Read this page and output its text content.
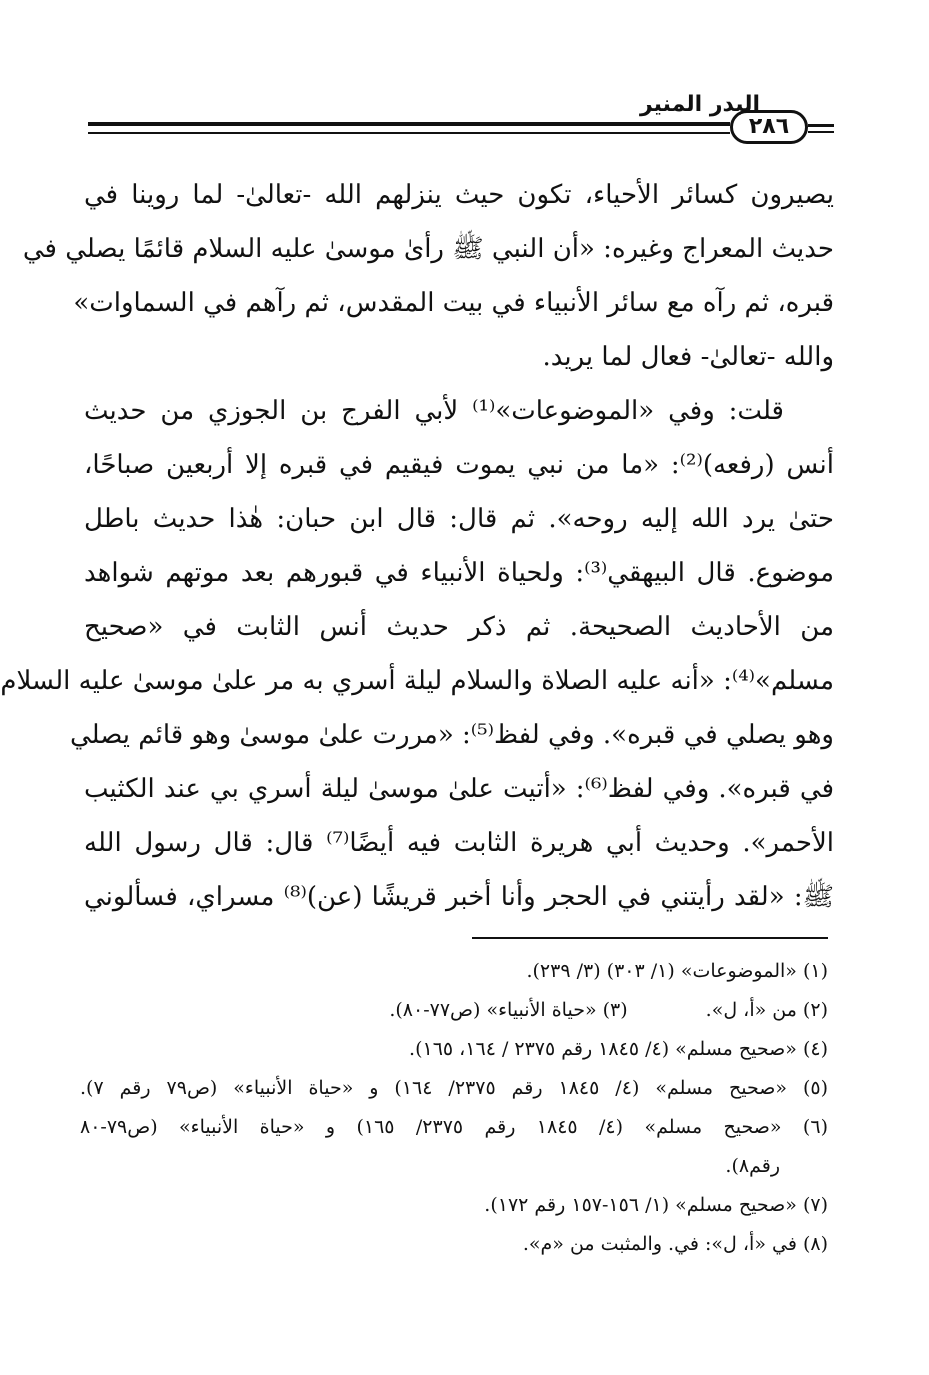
البدر المنير
٢٨٦
يصيرون كسائر الأحياء، تكون حيث ينزلهم الله -تعالىٰ- لما روينا في
حديث المعراج وغيره: «أن النبي ﷺ رأىٰ موسىٰ عليه السلام قائمًا يصلي في
قبره، ثم رآه مع سائر الأنبياء في بيت المقدس، ثم رآهم في السماوات»
والله -تعالىٰ- فعال لما يريد.
قلت: وفي «الموضوعات»⁽¹⁾ لأبي الفرج بن الجوزي من حديث
أنس (رفعه)⁽²⁾: «ما من نبي يموت فيقيم في قبره إلا أربعين صباحًا،
حتىٰ يرد الله إليه روحه». ثم قال: قال ابن حبان: هٰذا حديث باطل
موضوع. قال البيهقي⁽³⁾: ولحياة الأنبياء في قبورهم بعد موتهم شواهد
من الأحاديث الصحيحة. ثم ذكر حديث أنس الثابت في «صحيح
مسلم»⁽⁴⁾: «أنه عليه الصلاة والسلام ليلة أسري به مر علىٰ موسىٰ عليه السلام
وهو يصلي في قبره». وفي لفظ⁽⁵⁾: «مررت علىٰ موسىٰ وهو قائم يصلي
في قبره». وفي لفظ⁽⁶⁾: «أتيت علىٰ موسىٰ ليلة أسري بي عند الكثيب
الأحمر». وحديث أبي هريرة الثابت فيه أيضًا⁽⁷⁾ قال: قال رسول الله
ﷺ: «لقد رأيتني في الحجر وأنا أخبر قريشًا (عن)⁽⁸⁾ مسراي، فسألوني
(١) «الموضوعات» (١/ ٣٠٣) (٣/ ٢٣٩).
(٢) من «أ، ل».
(٣) «حياة الأنبياء» (ص٧٧-٨٠).
(٤) «صحيح مسلم» (٤/ ١٨٤٥ رقم ٢٣٧٥ / ١٦٤، ١٦٥).
(٥) «صحيح مسلم» (٤/ ١٨٤٥ رقم ٢٣٧٥/ ١٦٤) و «حياة الأنبياء» (ص٧٩ رقم ٧).
(٦) «صحيح مسلم» (٤/ ١٨٤٥ رقم ٢٣٧٥/ ١٦٥) و «حياة الأنبياء» (ص٧٩-٨٠
رقم٨).
(٧) «صحيح مسلم» (١/ ١٥٦-١٥٧ رقم ١٧٢).
(٨) في «أ، ل»: في. والمثبت من «م».
